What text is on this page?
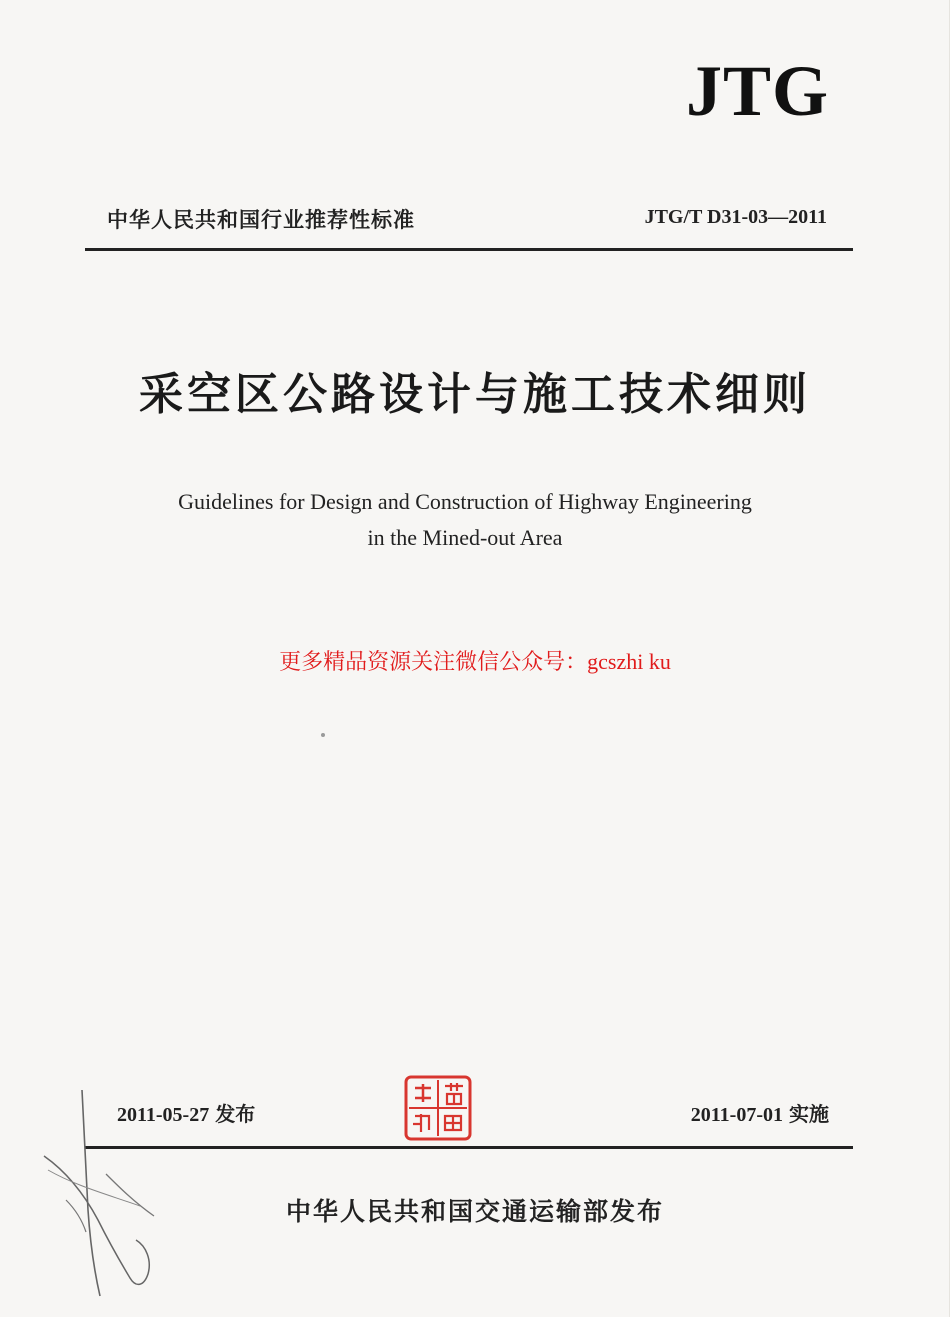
JTG
中华人民共和国行业推荐性标准	JTG/T D31-03—2011
采空区公路设计与施工技术细则
Guidelines for Design and Construction of Highway Engineering
in the Mined-out Area
更多精品资源关注微信公众号：gcszhi ku
2011-05-27 发布	2011-07-01 实施
中华人民共和国交通运输部发布
